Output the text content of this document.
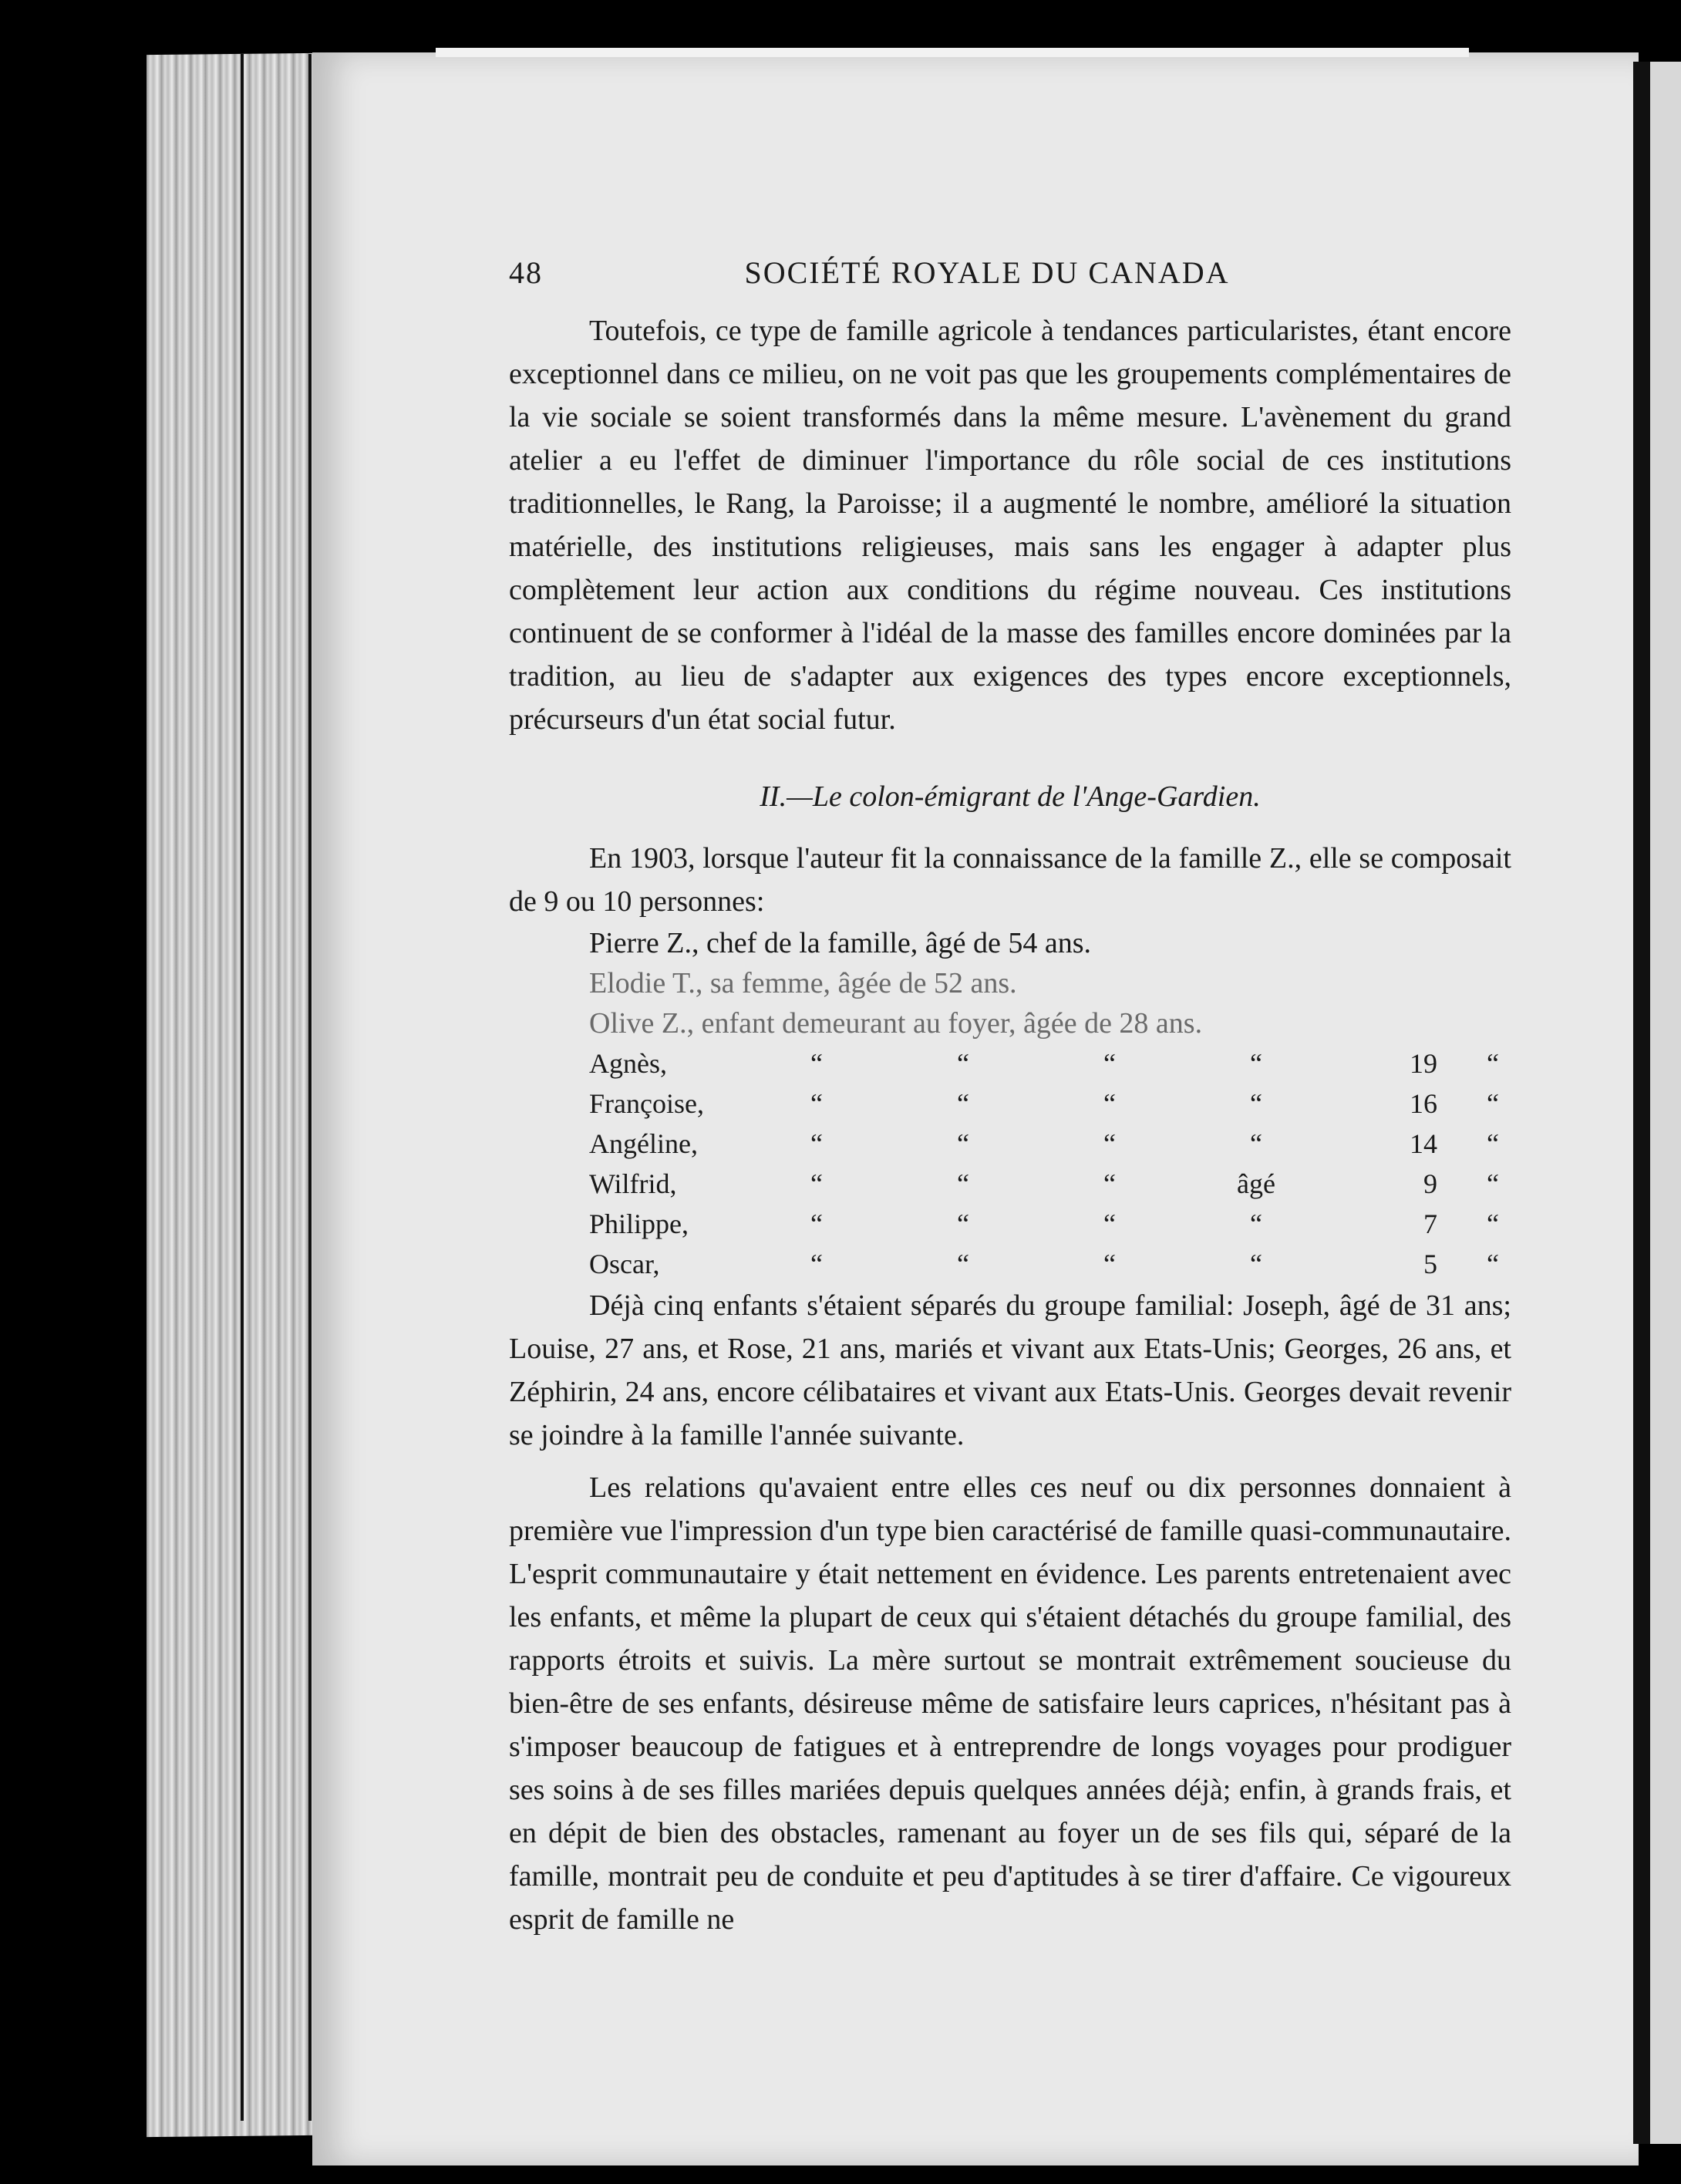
48	SOCIÉTÉ ROYALE DU CANADA

Toutefois, ce type de famille agricole à tendances particularistes, étant encore exceptionnel dans ce milieu, on ne voit pas que les groupements complémentaires de la vie sociale se soient transformés dans la même mesure. L'avènement du grand atelier a eu l'effet de diminuer l'importance du rôle social de ces institutions traditionnelles, le Rang, la Paroisse; il a augmenté le nombre, amélioré la situation matérielle, des institutions religieuses, mais sans les engager à adapter plus complètement leur action aux conditions du régime nouveau. Ces institutions continuent de se conformer à l'idéal de la masse des familles encore dominées par la tradition, au lieu de s'adapter aux exigences des types encore exceptionnels, précurseurs d'un état social futur.

II.—Le colon-émigrant de l'Ange-Gardien.

En 1903, lorsque l'auteur fit la connaissance de la famille Z., elle se composait de 9 ou 10 personnes:

Pierre Z., chef de la famille, âgé de 54 ans.
Elodie T., sa femme, âgée de 52 ans.
Olive Z., enfant demeurant au foyer, âgée de 28 ans.
Agnès,	“	“	“	“	19	“
Françoise,	“	“	“	“	16	“
Angéline,	“	“	“	“	14	“
Wilfrid,	“	“	“	âgé	9	“
Philippe,	“	“	“	“	7	“
Oscar,	“	“	“	“	5	“

Déjà cinq enfants s'étaient séparés du groupe familial: Joseph, âgé de 31 ans; Louise, 27 ans, et Rose, 21 ans, mariés et vivant aux Etats-Unis; Georges, 26 ans, et Zéphirin, 24 ans, encore célibataires et vivant aux Etats-Unis. Georges devait revenir se joindre à la famille l'année suivante.

Les relations qu'avaient entre elles ces neuf ou dix personnes donnaient à première vue l'impression d'un type bien caractérisé de famille quasi-communautaire. L'esprit communautaire y était nettement en évidence. Les parents entretenaient avec les enfants, et même la plupart de ceux qui s'étaient détachés du groupe familial, des rapports étroits et suivis. La mère surtout se montrait extrêmement soucieuse du bien-être de ses enfants, désireuse même de satisfaire leurs caprices, n'hésitant pas à s'imposer beaucoup de fatigues et à entreprendre de longs voyages pour prodiguer ses soins à de ses filles mariées depuis quelques années déjà; enfin, à grands frais, et en dépit de bien des obstacles, ramenant au foyer un de ses fils qui, séparé de la famille, montrait peu de conduite et peu d'aptitudes à se tirer d'affaire. Ce vigoureux esprit de famille ne
